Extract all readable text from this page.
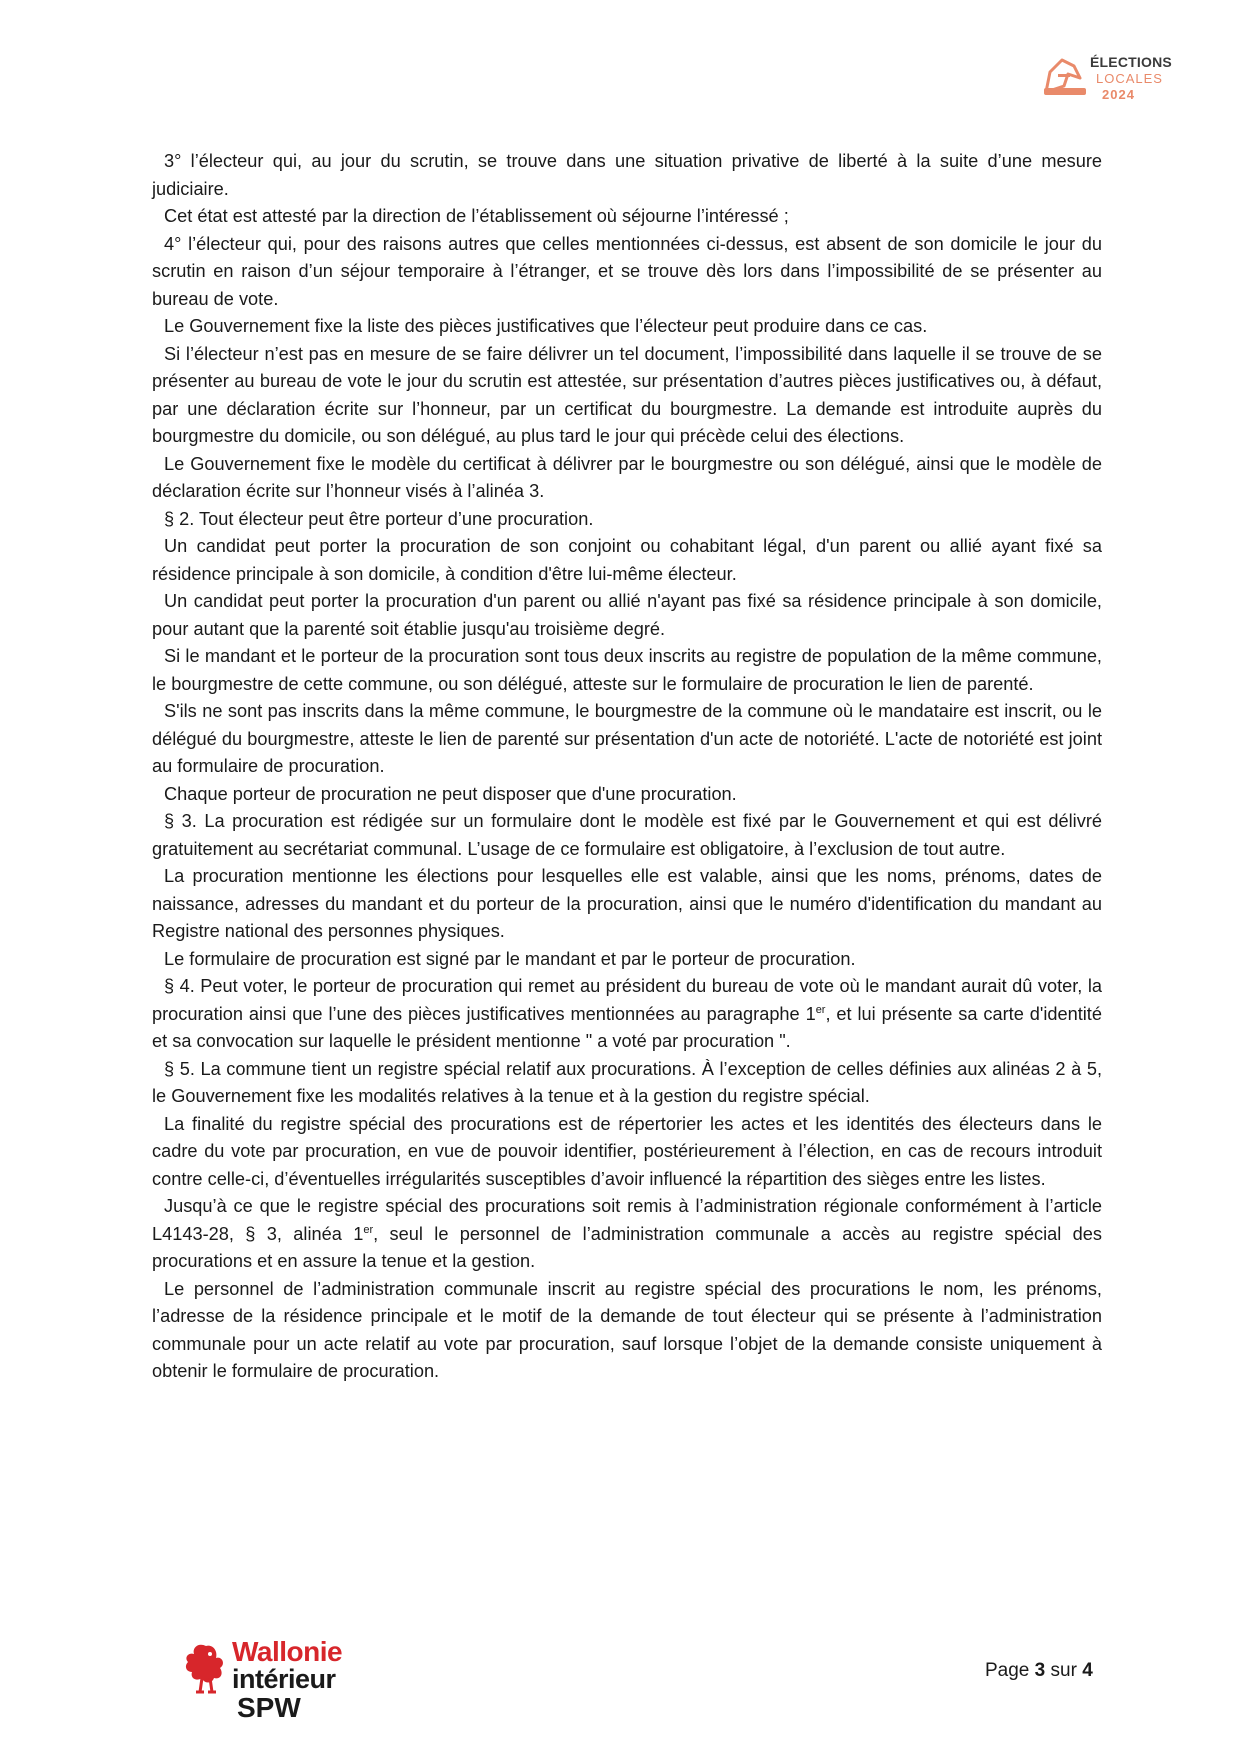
ÉLECTIONS
LOCALES
2024

3° l’électeur qui, au jour du scrutin, se trouve dans une situation privative de liberté à la suite d’une mesure judiciaire.

Cet état est attesté par la direction de l’établissement où séjourne l’intéressé ;

4° l’électeur qui, pour des raisons autres que celles mentionnées ci-dessus, est absent de son domicile le jour du scrutin en raison d’un séjour temporaire à l’étranger, et se trouve dès lors dans l’impossibilité de se présenter au bureau de vote.

Le Gouvernement fixe la liste des pièces justificatives que l’électeur peut produire dans ce cas.

Si l’électeur n’est pas en mesure de se faire délivrer un tel document, l’impossibilité dans laquelle il se trouve de se présenter au bureau de vote le jour du scrutin est attestée, sur présentation d’autres pièces justificatives ou, à défaut, par une déclaration écrite sur l’honneur, par un certificat du bourgmestre. La demande est introduite auprès du bourgmestre du domicile, ou son délégué, au plus tard le jour qui précède celui des élections.

Le Gouvernement fixe le modèle du certificat à délivrer par le bourgmestre ou son délégué, ainsi que le modèle de déclaration écrite sur l’honneur visés à l’alinéa 3.

§ 2. Tout électeur peut être porteur d’une procuration.

Un candidat peut porter la procuration de son conjoint ou cohabitant légal, d'un parent ou allié ayant fixé sa résidence principale à son domicile, à condition d'être lui-même électeur.

Un candidat peut porter la procuration d'un parent ou allié n'ayant pas fixé sa résidence principale à son domicile, pour autant que la parenté soit établie jusqu'au troisième degré.

Si le mandant et le porteur de la procuration sont tous deux inscrits au registre de population de la même commune, le bourgmestre de cette commune, ou son délégué, atteste sur le formulaire de procuration le lien de parenté.

S'ils ne sont pas inscrits dans la même commune, le bourgmestre de la commune où le mandataire est inscrit, ou le délégué du bourgmestre, atteste le lien de parenté sur présentation d'un acte de notoriété. L'acte de notoriété est joint au formulaire de procuration.

Chaque porteur de procuration ne peut disposer que d'une procuration.

§ 3. La procuration est rédigée sur un formulaire dont le modèle est fixé par le Gouvernement et qui est délivré gratuitement au secrétariat communal. L’usage de ce formulaire est obligatoire, à l’exclusion de tout autre.

La procuration mentionne les élections pour lesquelles elle est valable, ainsi que les noms, prénoms, dates de naissance, adresses du mandant et du porteur de la procuration, ainsi que le numéro d'identification du mandant au Registre national des personnes physiques.

Le formulaire de procuration est signé par le mandant et par le porteur de procuration.

§ 4. Peut voter, le porteur de procuration qui remet au président du bureau de vote où le mandant aurait dû voter, la procuration ainsi que l’une des pièces justificatives mentionnées au paragraphe 1er, et lui présente sa carte d'identité et sa convocation sur laquelle le président mentionne " a voté par procuration ".

§ 5. La commune tient un registre spécial relatif aux procurations. À l’exception de celles définies aux alinéas 2 à 5, le Gouvernement fixe les modalités relatives à la tenue et à la gestion du registre spécial.

La finalité du registre spécial des procurations est de répertorier les actes et les identités des électeurs dans le cadre du vote par procuration, en vue de pouvoir identifier, postérieurement à l’élection, en cas de recours introduit contre celle-ci, d’éventuelles irrégularités susceptibles d’avoir influencé la répartition des sièges entre les listes.

Jusqu’à ce que le registre spécial des procurations soit remis à l’administration régionale conformément à l’article L4143-28, § 3, alinéa 1er, seul le personnel de l’administration communale a accès au registre spécial des procurations et en assure la tenue et la gestion.

Le personnel de l’administration communale inscrit au registre spécial des procurations le nom, les prénoms, l’adresse de la résidence principale et le motif de la demande de tout électeur qui se présente à l’administration communale pour un acte relatif au vote par procuration, sauf lorsque l’objet de la demande consiste uniquement à obtenir le formulaire de procuration.

Wallonie
intérieur
SPW
Page 3 sur 4
